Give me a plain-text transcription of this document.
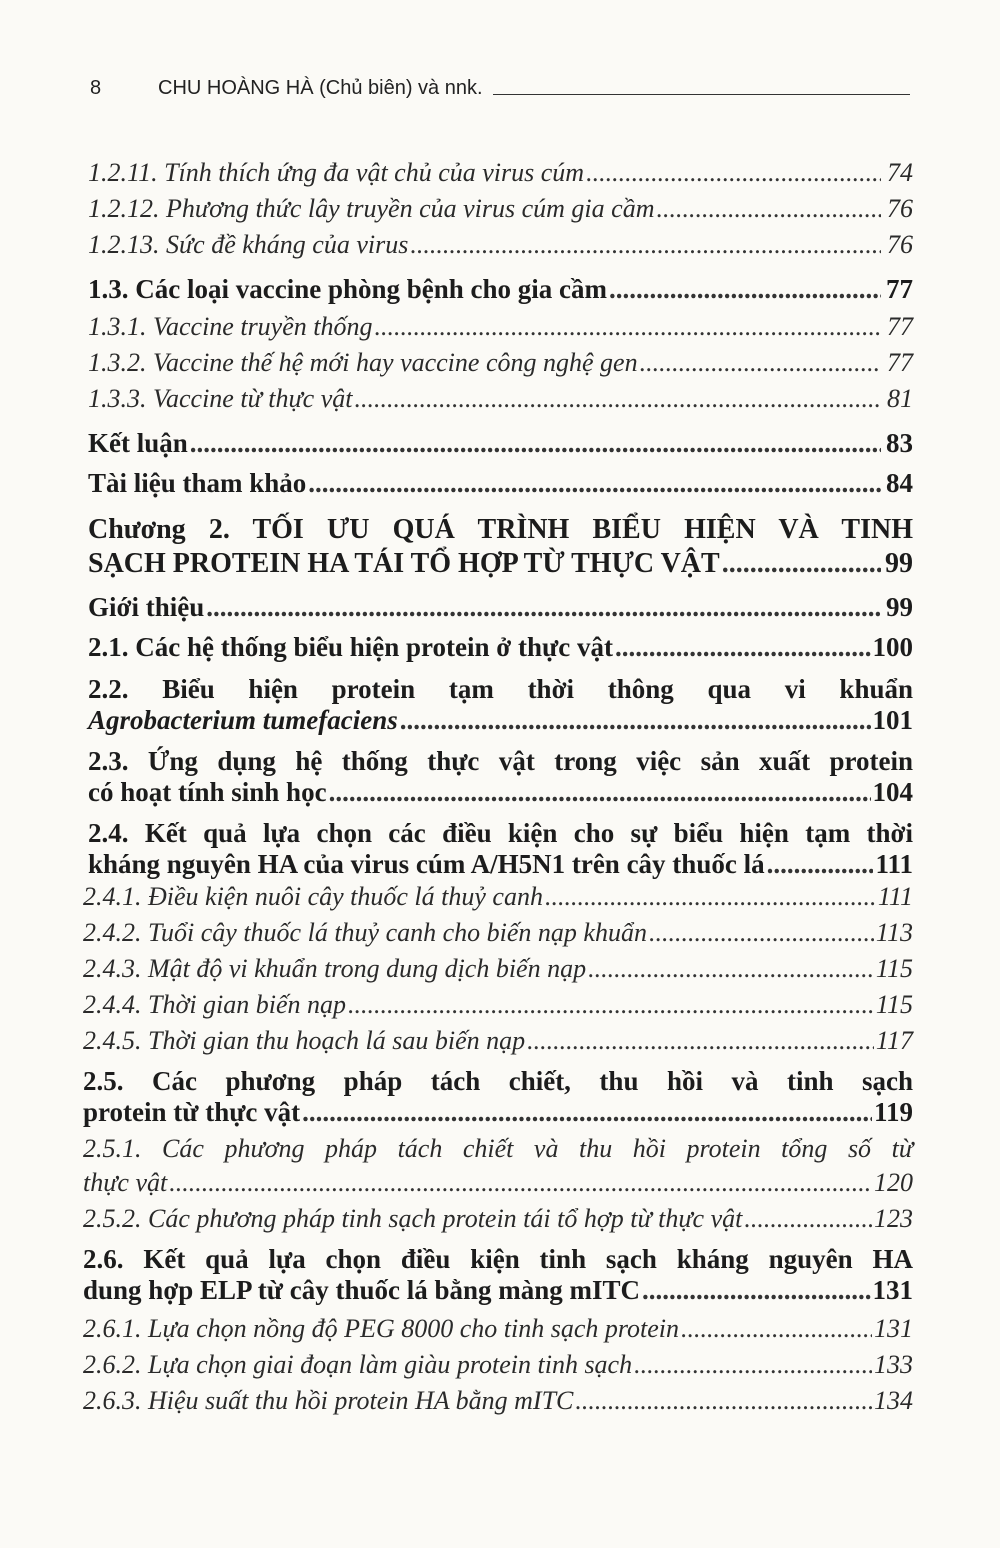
8	CHU HOÀNG HÀ (Chủ biên) và nnk.
1.2.11. Tính thích ứng đa vật chủ của virus cúm .....	74
1.2.12. Phương thức lây truyền của virus cúm gia cầm .....	76
1.2.13. Sức đề kháng của virus .....	76
1.3. Các loại vaccine phòng bệnh cho gia cầm .....	77
1.3.1. Vaccine truyền thống .....	77
1.3.2. Vaccine thế hệ mới hay vaccine công nghệ gen .....	77
1.3.3. Vaccine từ thực vật .....	81
Kết luận .....	83
Tài liệu tham khảo .....	84
Chương 2. TỐI ƯU QUÁ TRÌNH BIỂU HIỆN VÀ TINH
SẠCH PROTEIN HA TÁI TỔ HỢP TỪ THỰC VẬT .....	99
Giới thiệu .....	99
2.1. Các hệ thống biểu hiện protein ở thực vật .....	100
2.2. Biểu hiện protein tạm thời thông qua vi khuẩn
Agrobacterium tumefaciens .....	101
2.3. Ứng dụng hệ thống thực vật trong việc sản xuất protein
có hoạt tính sinh học .....	104
2.4. Kết quả lựa chọn các điều kiện cho sự biểu hiện tạm thời
kháng nguyên HA của virus cúm A/H5N1 trên cây thuốc lá .....	111
2.4.1. Điều kiện nuôi cây thuốc lá thuỷ canh .....	111
2.4.2. Tuổi cây thuốc lá thuỷ canh cho biến nạp khuẩn .....	113
2.4.3. Mật độ vi khuẩn trong dung dịch biến nạp .....	115
2.4.4. Thời gian biến nạp .....	115
2.4.5. Thời gian thu hoạch lá sau biến nạp .....	117
2.5. Các phương pháp tách chiết, thu hồi và tinh sạch
protein từ thực vật .....	119
2.5.1. Các phương pháp tách chiết và thu hồi protein tổng số từ
thực vật .....	120
2.5.2. Các phương pháp tinh sạch protein tái tổ hợp từ thực vật .....	123
2.6. Kết quả lựa chọn điều kiện tinh sạch kháng nguyên HA
dung hợp ELP từ cây thuốc lá bằng màng mITC .....	131
2.6.1. Lựa chọn nồng độ PEG 8000 cho tinh sạch protein .....	131
2.6.2. Lựa chọn giai đoạn làm giàu protein tinh sạch .....	133
2.6.3. Hiệu suất thu hồi protein HA bằng mITC .....	134
